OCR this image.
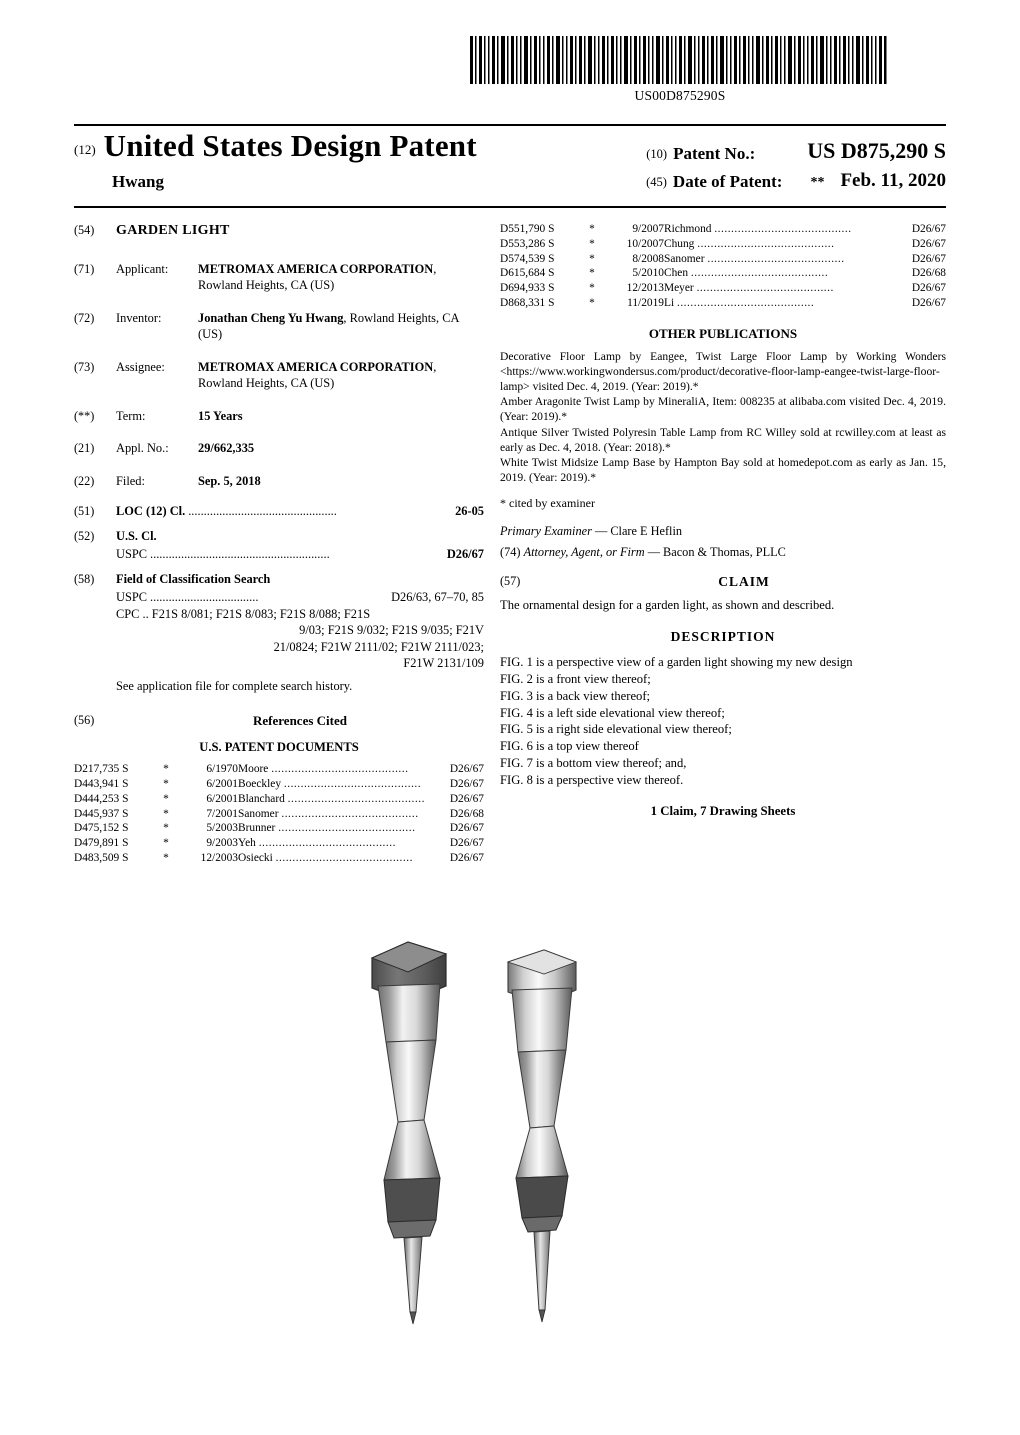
US00D875290S
(12) United States Design Patent	(10) Patent No.: US D875,290 S
Hwang	(45) Date of Patent: ** Feb. 11, 2020
(54)	GARDEN LIGHT
(71)	Applicant:	METROMAX AMERICA CORPORATION, Rowland Heights, CA (US)
(72)	Inventor:	Jonathan Cheng Yu Hwang, Rowland Heights, CA (US)
(73)	Assignee:	METROMAX AMERICA CORPORATION, Rowland Heights, CA (US)
(**)	Term:	15 Years
(21)	Appl. No.:	29/662,335
(22)	Filed:	Sep. 5, 2018
(51)	LOC (12) Cl. ................................................	26-05
(52)	U.S. Cl.
USPC ..........................................................	D26/67
(58)	Field of Classification Search
USPC ...................................	D26/63, 67–70, 85
CPC .. F21S 8/081; F21S 8/083; F21S 8/088; F21S
9/03; F21S 9/032; F21S 9/035; F21V
21/0824; F21W 2111/02; F21W 2111/023;
F21W 2131/109
See application file for complete search history.
(56)	References Cited
U.S. PATENT DOCUMENTS
D217,735 S	*	6/1970	Moore .........................................	D26/67
D443,941 S	*	6/2001	Boeckley .........................................	D26/67
D444,253 S	*	6/2001	Blanchard .........................................	D26/67
D445,937 S	*	7/2001	Sanomer .........................................	D26/68
D475,152 S	*	5/2003	Brunner .........................................	D26/67
D479,891 S	*	9/2003	Yeh .........................................	D26/67
D483,509 S	*	12/2003	Osiecki .........................................	D26/67
D551,790 S	*	9/2007	Richmond .........................................	D26/67
D553,286 S	*	10/2007	Chung .........................................	D26/67
D574,539 S	*	8/2008	Sanomer .........................................	D26/67
D615,684 S	*	5/2010	Chen .........................................	D26/68
D694,933 S	*	12/2013	Meyer .........................................	D26/67
D868,331 S	*	11/2019	Li .........................................	D26/67
OTHER PUBLICATIONS

Decorative Floor Lamp by Eangee, Twist Large Floor Lamp by Working Wonders <https://www.workingwondersus.com/product/decorative-floor-lamp-eangee-twist-large-floor-lamp> visited Dec. 4, 2019. (Year: 2019).*

Amber Aragonite Twist Lamp by MineraliA, Item: 008235 at alibaba.com visited Dec. 4, 2019. (Year: 2019).*

Antique Silver Twisted Polyresin Table Lamp from RC Willey sold at rcwilley.com at least as early as Dec. 4, 2018. (Year: 2018).*

White Twist Midsize Lamp Base by Hampton Bay sold at homedepot.com as early as Jan. 15, 2019. (Year: 2019).*

* cited by examiner
Primary Examiner — Clare E Heflin
(74) Attorney, Agent, or Firm — Bacon & Thomas, PLLC
(57)	CLAIM
The ornamental design for a garden light, as shown and described.
DESCRIPTION
FIG. 1 is a perspective view of a garden light showing my new design
FIG. 2 is a front view thereof;
FIG. 3 is a back view thereof;
FIG. 4 is a left side elevational view thereof;
FIG. 5 is a right side elevational view thereof;
FIG. 6 is a top view thereof
FIG. 7 is a bottom view thereof; and,
FIG. 8 is a perspective view thereof.
1 Claim, 7 Drawing Sheets
